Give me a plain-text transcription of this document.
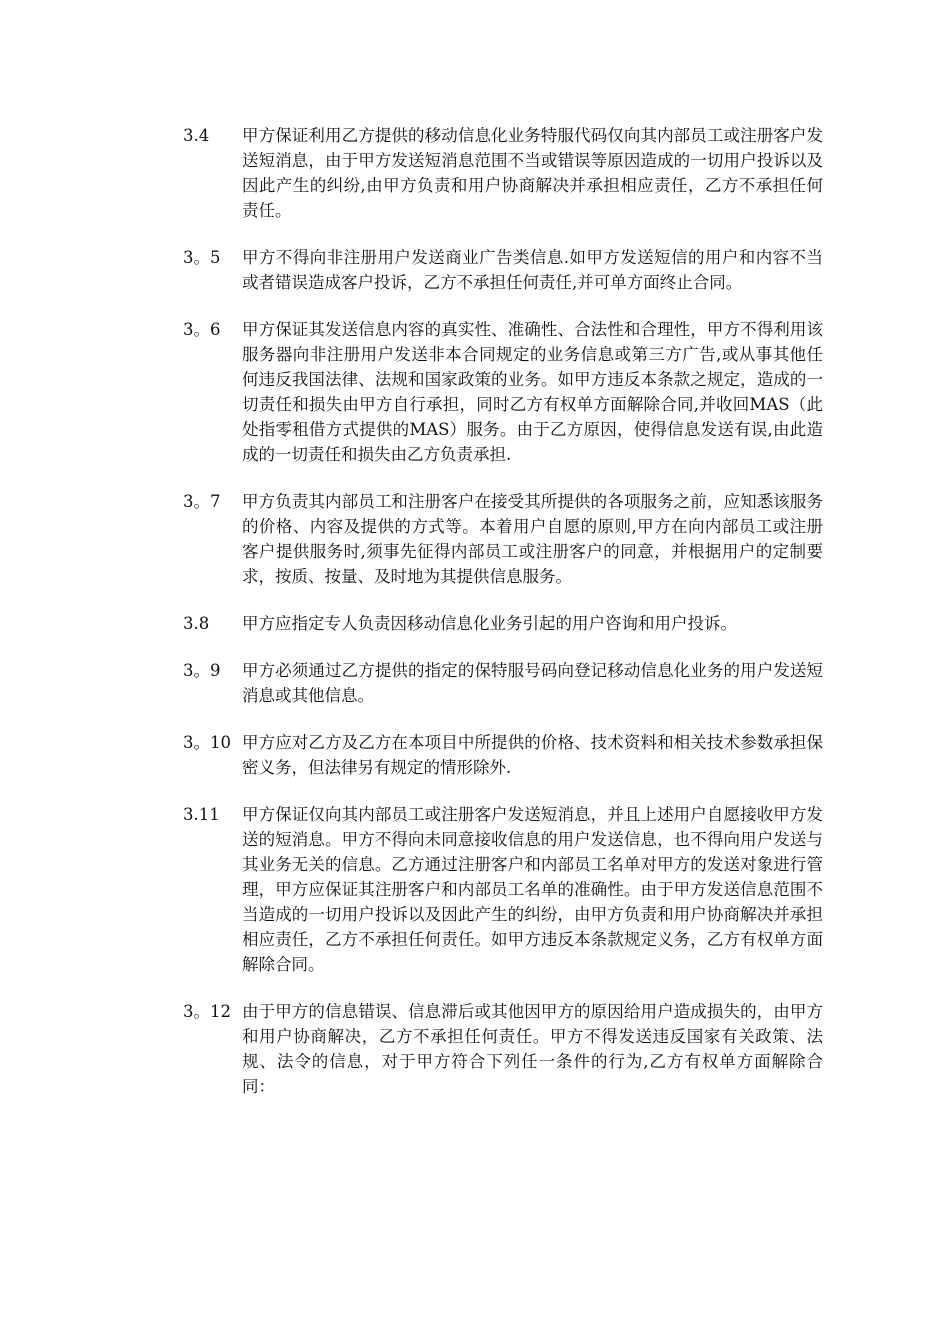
3.4 甲方保证利用乙方提供的移动信息化业务特服代码仅向其内部员工或注册客户发送短消息，由于甲方发送短消息范围不当或错误等原因造成的一切用户投诉以及因此产生的纠纷,由甲方负责和用户协商解决并承担相应责任，乙方不承担任何责任。
3。5 甲方不得向非注册用户发送商业广告类信息.如甲方发送短信的用户和内容不当或者错误造成客户投诉，乙方不承担任何责任,并可单方面终止合同。
3。6 甲方保证其发送信息内容的真实性、准确性、合法性和合理性，甲方不得利用该服务器向非注册用户发送非本合同规定的业务信息或第三方广告,或从事其他任何违反我国法律、法规和国家政策的业务。如甲方违反本条款之规定，造成的一切责任和损失由甲方自行承担，同时乙方有权单方面解除合同,并收回MAS（此处指零租借方式提供的MAS）服务。由于乙方原因，使得信息发送有误,由此造成的一切责任和损失由乙方负责承担.
3。7 甲方负责其内部员工和注册客户在接受其所提供的各项服务之前，应知悉该服务的价格、内容及提供的方式等。本着用户自愿的原则,甲方在向内部员工或注册客户提供服务时,须事先征得内部员工或注册客户的同意，并根据用户的定制要求，按质、按量、及时地为其提供信息服务。
3.8 甲方应指定专人负责因移动信息化业务引起的用户咨询和用户投诉。
3。9 甲方必须通过乙方提供的指定的保特服号码向登记移动信息化业务的用户发送短消息或其他信息。
3。10 甲方应对乙方及乙方在本项目中所提供的价格、技术资料和相关技术参数承担保密义务，但法律另有规定的情形除外.
3.11 甲方保证仅向其内部员工或注册客户发送短消息，并且上述用户自愿接收甲方发送的短消息。甲方不得向未同意接收信息的用户发送信息，也不得向用户发送与其业务无关的信息。乙方通过注册客户和内部员工名单对甲方的发送对象进行管理，甲方应保证其注册客户和内部员工名单的准确性。由于甲方发送信息范围不当造成的一切用户投诉以及因此产生的纠纷，由甲方负责和用户协商解决并承担相应责任，乙方不承担任何责任。如甲方违反本条款规定义务，乙方有权单方面解除合同。
3。12 由于甲方的信息错误、信息滞后或其他因甲方的原因给用户造成损失的，由甲方和用户协商解决，乙方不承担任何责任。甲方不得发送违反国家有关政策、法规、法令的信息，对于甲方符合下列任一条件的行为,乙方有权单方面解除合同：
